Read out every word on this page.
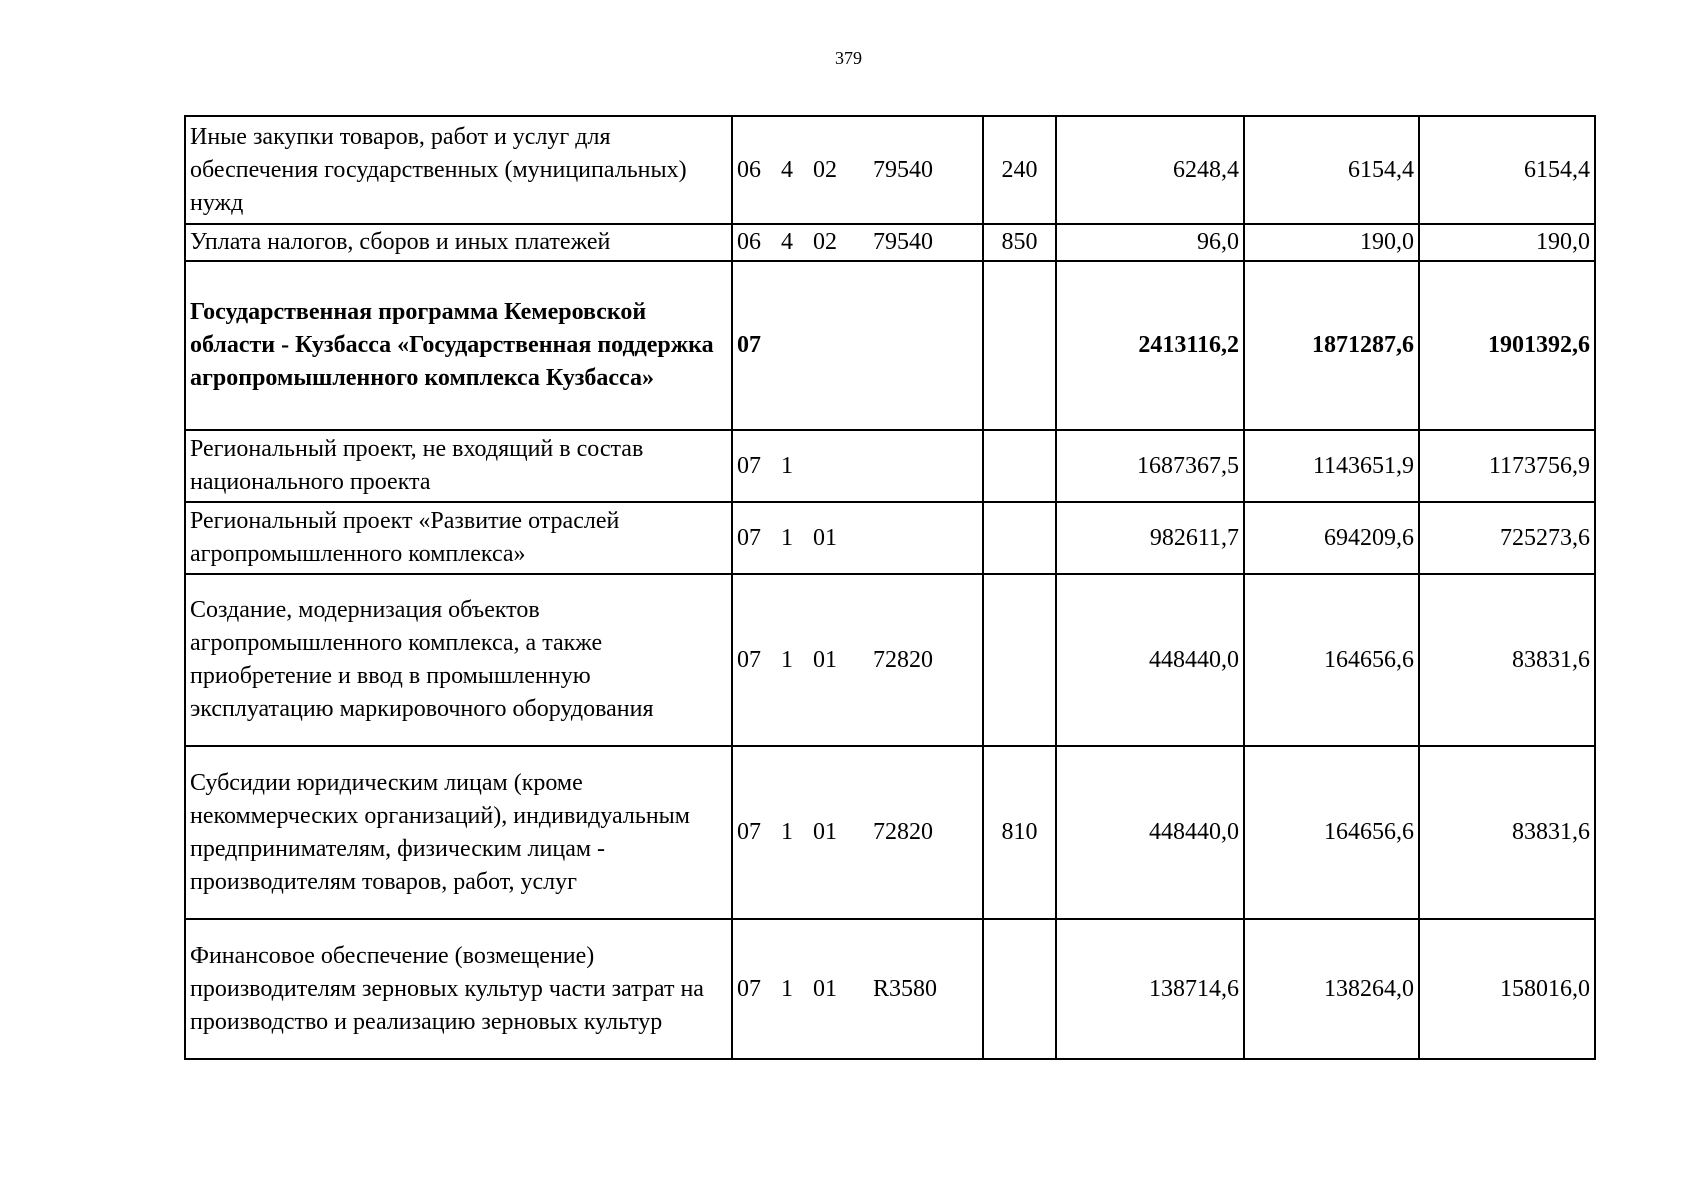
379
Иные закупки товаров, работ и услуг для обеспечения государственных (муниципальных) нужд	06 4 02 79540	240	6248,4	6154,4	6154,4
Уплата налогов, сборов и иных платежей	06 4 02 79540	850	96,0	190,0	190,0
Государственная программа Кемеровской области - Кузбасса «Государственная поддержка агропромышленного комплекса Кузбасса»	07		2413116,2	1871287,6	1901392,6
Региональный проект, не входящий в состав национального проекта	07 1		1687367,5	1143651,9	1173756,9
Региональный проект «Развитие отраслей агропромышленного комплекса»	07 1 01		982611,7	694209,6	725273,6
Создание, модернизация объектов агропромышленного комплекса, а также приобретение и ввод в промышленную эксплуатацию маркировочного оборудования	07 1 01 72820		448440,0	164656,6	83831,6
Субсидии юридическим лицам (кроме некоммерческих организаций), индивидуальным предпринимателям, физическим лицам - производителям товаров, работ, услуг	07 1 01 72820	810	448440,0	164656,6	83831,6
Финансовое обеспечение (возмещение) производителям зерновых культур части затрат на производство и реализацию зерновых культур	07 1 01 R3580		138714,6	138264,0	158016,0
